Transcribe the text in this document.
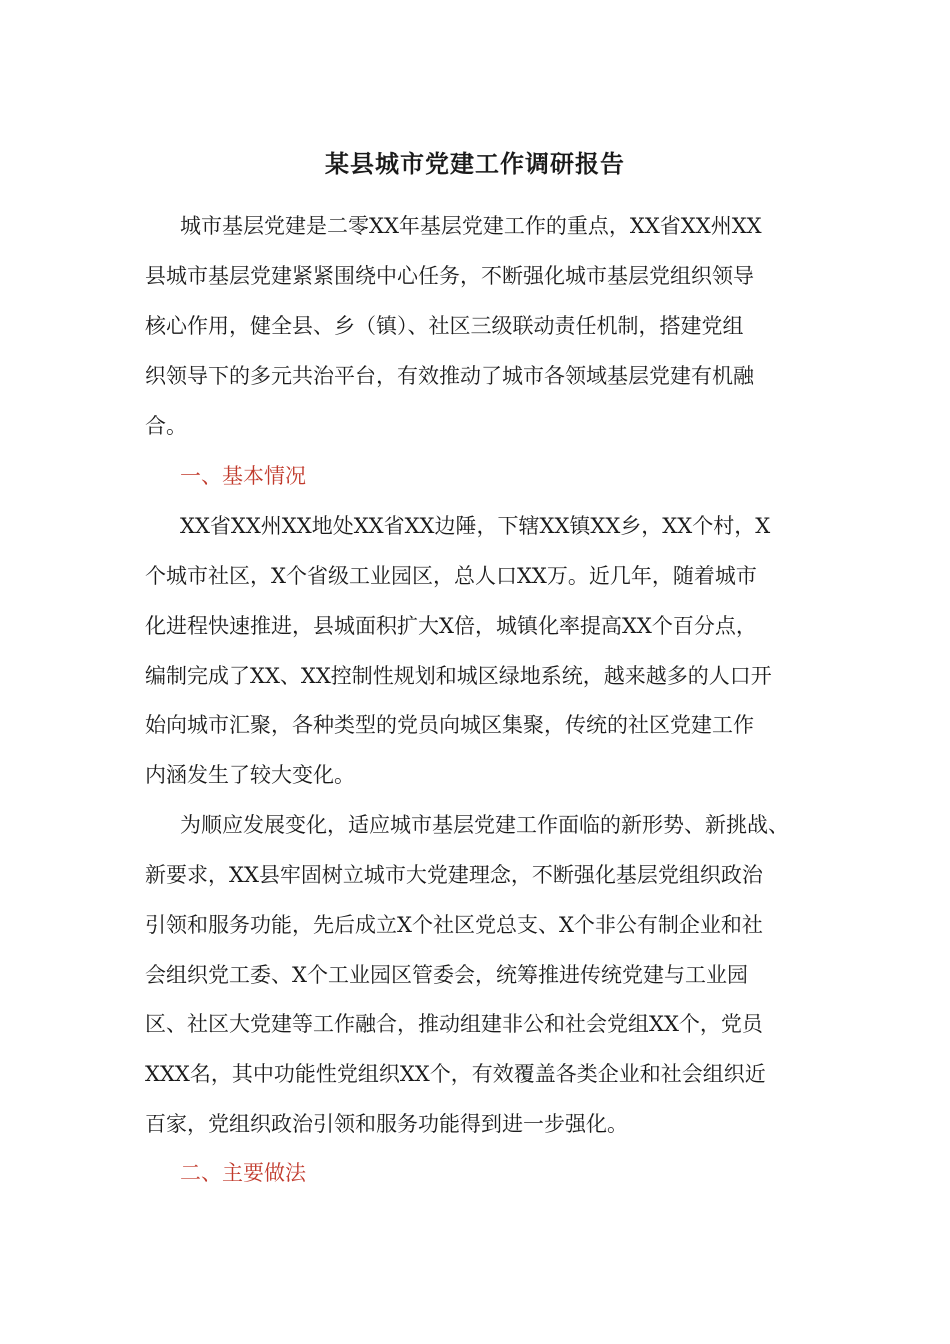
某县城市党建工作调研报告
城市基层党建是二零XX年基层党建工作的重点，XX省XX州XX
县城市基层党建紧紧围绕中心任务，不断强化城市基层党组织领导
核心作用，健全县、乡（镇）、社区三级联动责任机制，搭建党组
织领导下的多元共治平台，有效推动了城市各领域基层党建有机融
合。
一、基本情况
XX省XX州XX地处XX省XX边陲，下辖XX镇XX乡，XX个村，X
个城市社区，X个省级工业园区，总人口XX万。近几年，随着城市
化进程快速推进，县城面积扩大X倍，城镇化率提高XX个百分点，
编制完成了XX、XX控制性规划和城区绿地系统，越来越多的人口开
始向城市汇聚，各种类型的党员向城区集聚，传统的社区党建工作
内涵发生了较大变化。
为顺应发展变化，适应城市基层党建工作面临的新形势、新挑战、
新要求，XX县牢固树立城市大党建理念，不断强化基层党组织政治
引领和服务功能，先后成立X个社区党总支、X个非公有制企业和社
会组织党工委、X个工业园区管委会，统筹推进传统党建与工业园
区、社区大党建等工作融合，推动组建非公和社会党组XX个，党员
XXX名，其中功能性党组织XX个，有效覆盖各类企业和社会组织近
百家，党组织政治引领和服务功能得到进一步强化。
二、主要做法
